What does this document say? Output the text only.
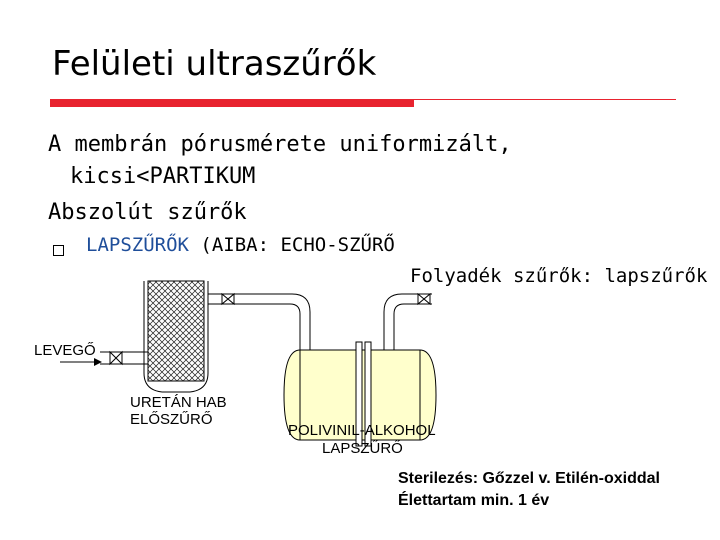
Felületi ultraszűrők
A membrán pórusmérete uniformizált,
kicsi<PARTIKUM
Abszolút szűrők
LAPSZŰRŐK (AIBA: ECHO-SZŰRŐ
Folyadék szűrők: lapszűrők
LEVEGŐ
URETÁN HAB
ELŐSZŰRŐ
POLIVINIL-ALKOHOL
LAPSZŰRŐ
Sterilezés: Gőzzel v. Etilén-oxiddal
Élettartam min. 1 év
